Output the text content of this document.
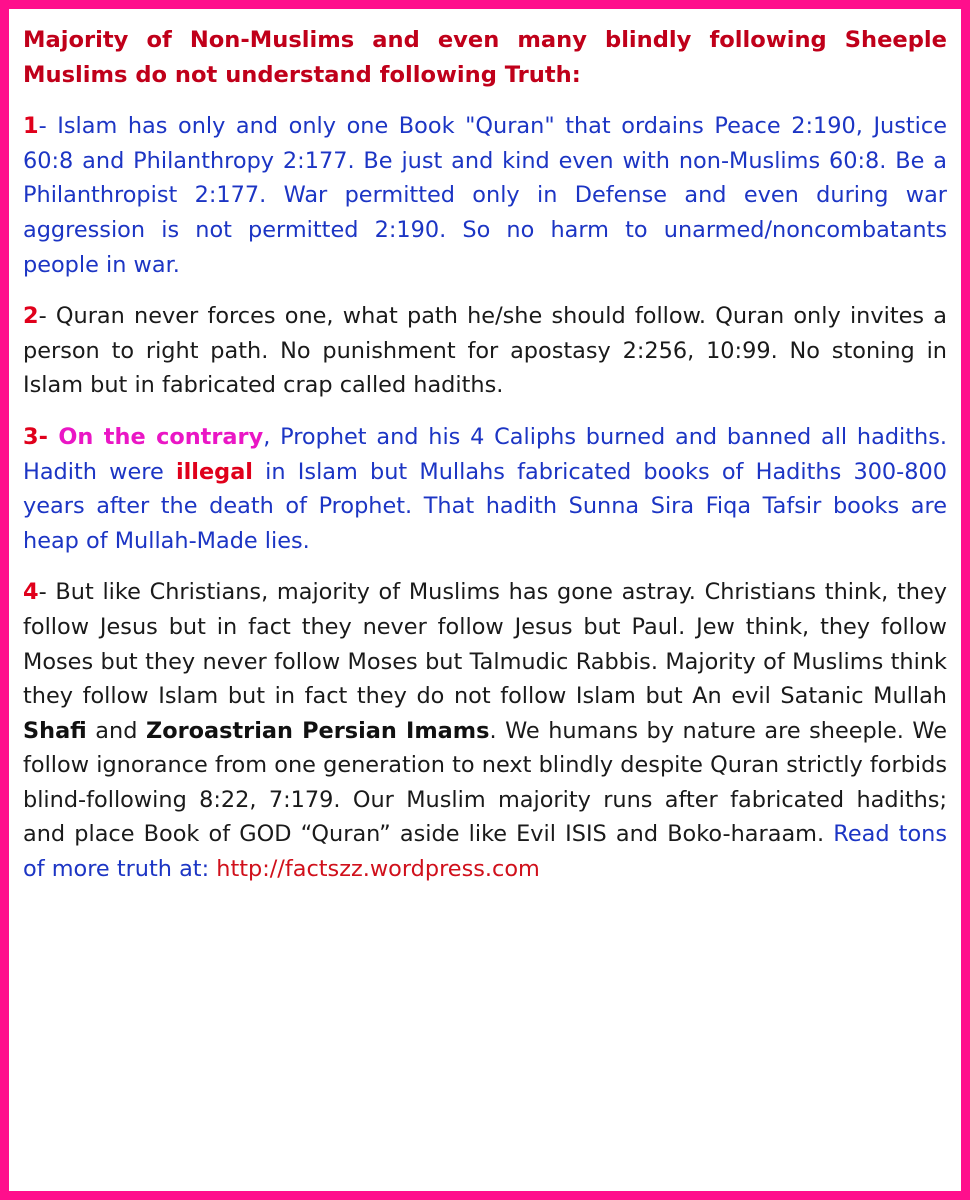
Majority of Non-Muslims and even many blindly following Sheeple Muslims do not understand following Truth:

1- Islam has only and only one Book "Quran" that ordains Peace 2:190, Justice 60:8 and Philanthropy 2:177. Be just and kind even with non-Muslims 60:8. Be a Philanthropist 2:177. War permitted only in Defense and even during war aggression is not permitted 2:190. So no harm to unarmed/noncombatants people in war.

2- Quran never forces one, what path he/she should follow. Quran only invites a person to right path. No punishment for apostasy 2:256, 10:99. No stoning in Islam but in fabricated crap called hadiths.

3- On the contrary, Prophet and his 4 Caliphs burned and banned all hadiths. Hadith were illegal in Islam but Mullahs fabricated books of Hadiths 300-800 years after the death of Prophet. That hadith Sunna Sira Fiqa Tafsir books are heap of Mullah-Made lies.

4- But like Christians, majority of Muslims has gone astray. Christians think, they follow Jesus but in fact they never follow Jesus but Paul. Jew think, they follow Moses but they never follow Moses but Talmudic Rabbis. Majority of Muslims think they follow Islam but in fact they do not follow Islam but An evil Satanic Mullah Shafi and Zoroastrian Persian Imams. We humans by nature are sheeple. We follow ignorance from one generation to next blindly despite Quran strictly forbids blind-following 8:22, 7:179. Our Muslim majority runs after fabricated hadiths; and place Book of GOD “Quran” aside like Evil ISIS and Boko-haraam. Read tons of more truth at: http://factszz.wordpress.com
